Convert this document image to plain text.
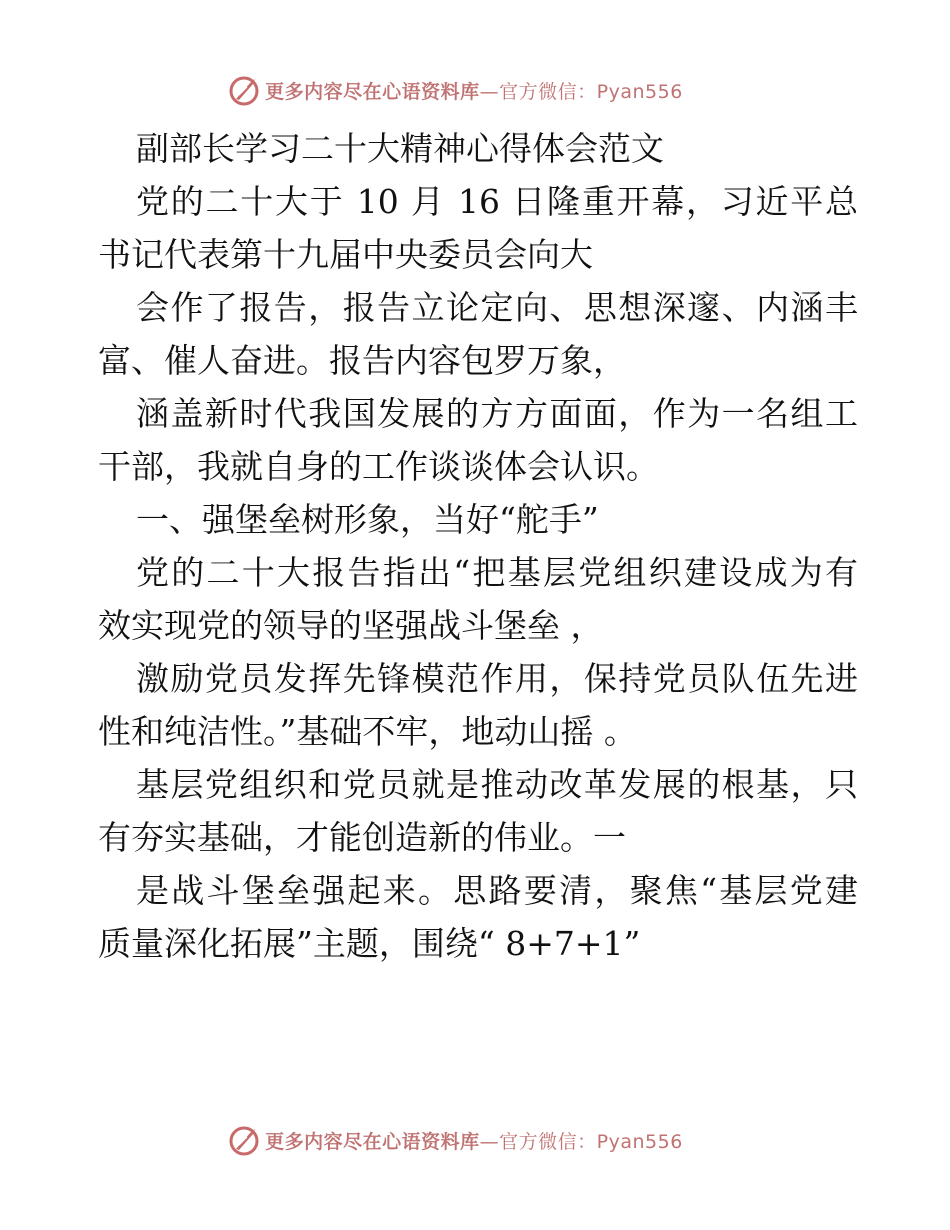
更多内容尽在心语资料库—官方微信：Pyan556
副部长学习二十大精神心得体会范文
党的二十大于 10 月 16 日隆重开幕，习近平总
书记代表第十九届中央委员会向大
会作了报告，报告立论定向、思想深邃、内涵丰
富、催人奋进。报告内容包罗万象，
涵盖新时代我国发展的方方面面，作为一名组工
干部，我就自身的工作谈谈体会认识。
一、强堡垒树形象，当好“舵手”
党的二十大报告指出“把基层党组织建设成为有
效实现党的领导的坚强战斗堡垒 ，
激励党员发挥先锋模范作用，保持党员队伍先进
性和纯洁性。”基础不牢，地动山摇 。
基层党组织和党员就是推动改革发展的根基，只
有夯实基础，才能创造新的伟业。一
是战斗堡垒强起来。思路要清，聚焦“基层党建
质量深化拓展”主题，围绕“ 8+7+1”
更多内容尽在心语资料库—官方微信：Pyan556
